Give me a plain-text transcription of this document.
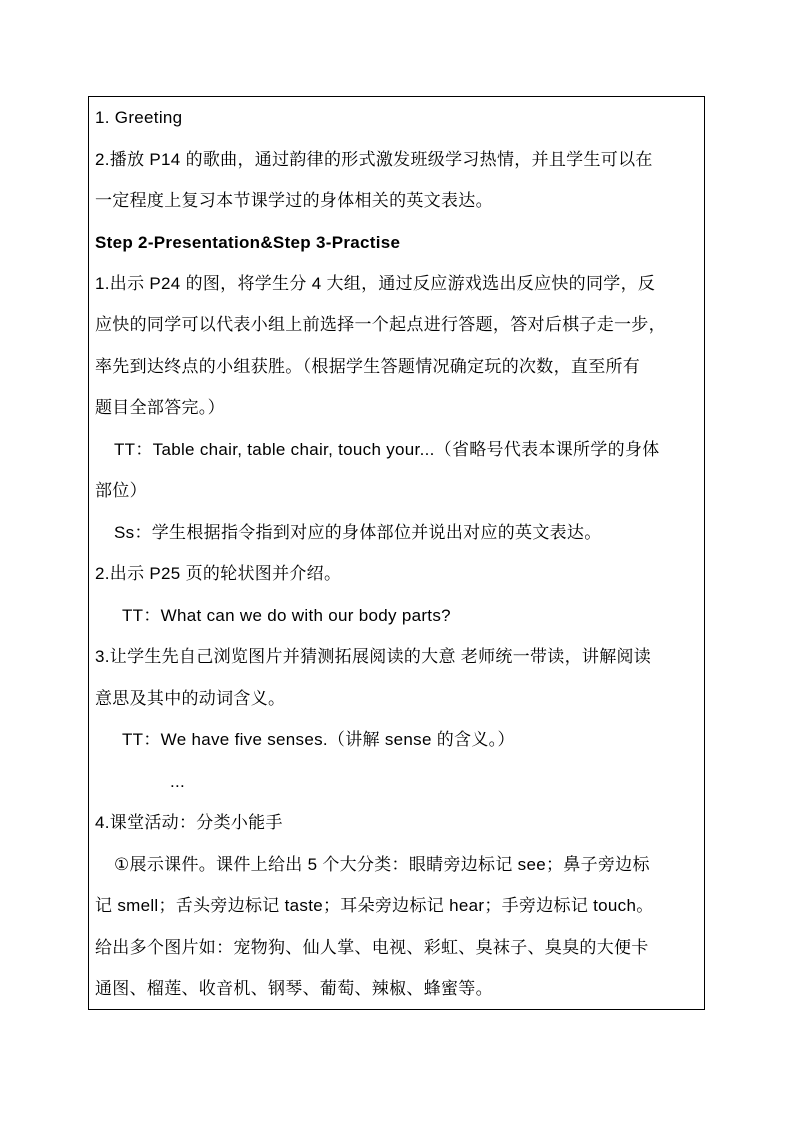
1. Greeting
2.播放 P14 的歌曲，通过韵律的形式激发班级学习热情，并且学生可以在
一定程度上复习本节课学过的身体相关的英文表达。
Step 2-Presentation&Step 3-Practise
1.出示 P24 的图，将学生分 4 大组，通过反应游戏选出反应快的同学，反
应快的同学可以代表小组上前选择一个起点进行答题，答对后棋子走一步，
率先到达终点的小组获胜。（根据学生答题情况确定玩的次数，直至所有
题目全部答完。）
TT：Table chair, table chair, touch your...（省略号代表本课所学的身体
部位）
Ss：学生根据指令指到对应的身体部位并说出对应的英文表达。
2.出示 P25 页的轮状图并介绍。
TT：What can we do with our body parts?
3.让学生先自己浏览图片并猜测拓展阅读的大意 老师统一带读，讲解阅读
意思及其中的动词含义。
TT：We have five senses.（讲解 sense 的含义。）
...
4.课堂活动：分类小能手
①展示课件。课件上给出 5 个大分类：眼睛旁边标记 see；鼻子旁边标
记 smell；舌头旁边标记 taste；耳朵旁边标记 hear；手旁边标记 touch。
给出多个图片如：宠物狗、仙人掌、电视、彩虹、臭袜子、臭臭的大便卡
通图、榴莲、收音机、钢琴、葡萄、辣椒、蜂蜜等。
